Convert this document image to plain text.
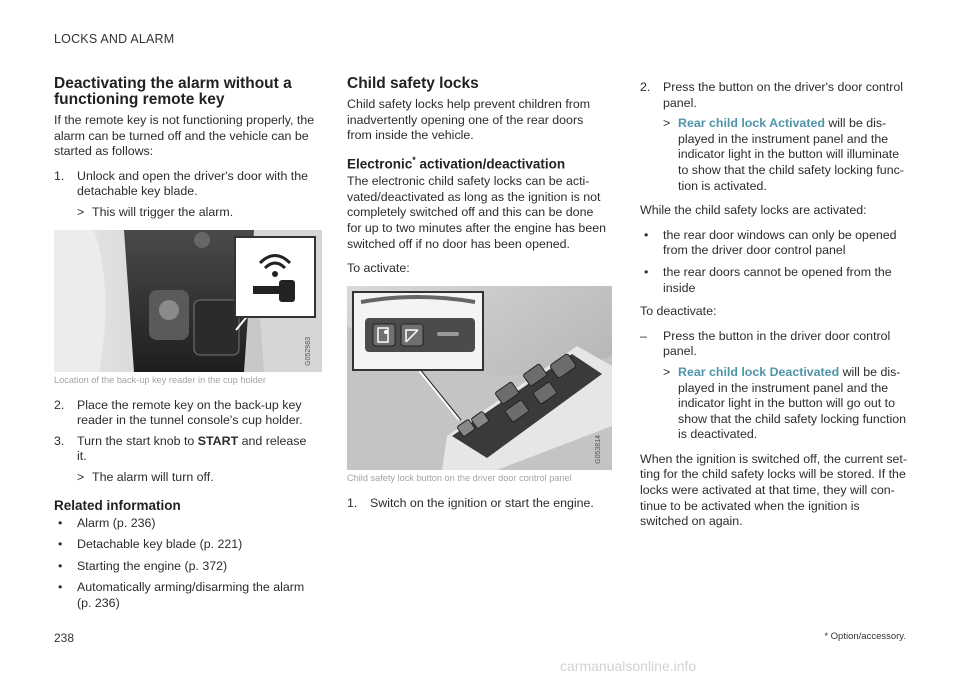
LOCKS AND ALARM
Deactivating the alarm without a functioning remote key

If the remote key is not functioning properly, the alarm can be turned off and the vehicle can be started as follows:

1. Unlock and open the driver's door with the detachable key blade.
> This will trigger the alarm.
G052983
Location of the back-up key reader in the cup holder
2. Place the remote key on the back-up key reader in the tunnel console's cup holder.
3. Turn the start knob to START and release it.
> The alarm will turn off.
Related information
• Alarm (p. 236)
• Detachable key blade (p. 221)
• Starting the engine (p. 372)
• Automatically arming/disarming the alarm (p. 236)
Child safety locks

Child safety locks help prevent children from inadvertently opening one of the rear doors from inside the vehicle.

Electronic* activation/deactivation

The electronic child safety locks can be acti-vated/deactivated as long as the ignition is not completely switched off and this can be done for up to two minutes after the engine has been switched off if no door has been opened.

To activate:

G053814
Child safety lock button on the driver door control panel
1. Switch on the ignition or start the engine.
2. Press the button on the driver's door control panel.
> Rear child lock Activated will be dis-played in the instrument panel and the indicator light in the button will illuminate to show that the child safety locking func-tion is activated.

While the child safety locks are activated:

• the rear door windows can only be opened from the driver door control panel
• the rear doors cannot be opened from the inside

To deactivate:

– Press the button in the driver door control panel.
> Rear child lock Deactivated will be dis-played in the instrument panel and the indicator light in the button will go out to show that the child safety locking function is deactivated.

When the ignition is switched off, the current set-ting for the child safety locks will be stored. If the locks were activated at that time, they will con-tinue to be activated when the ignition is switched on again.

238	* Option/accessory.
carmanualsonline.info
